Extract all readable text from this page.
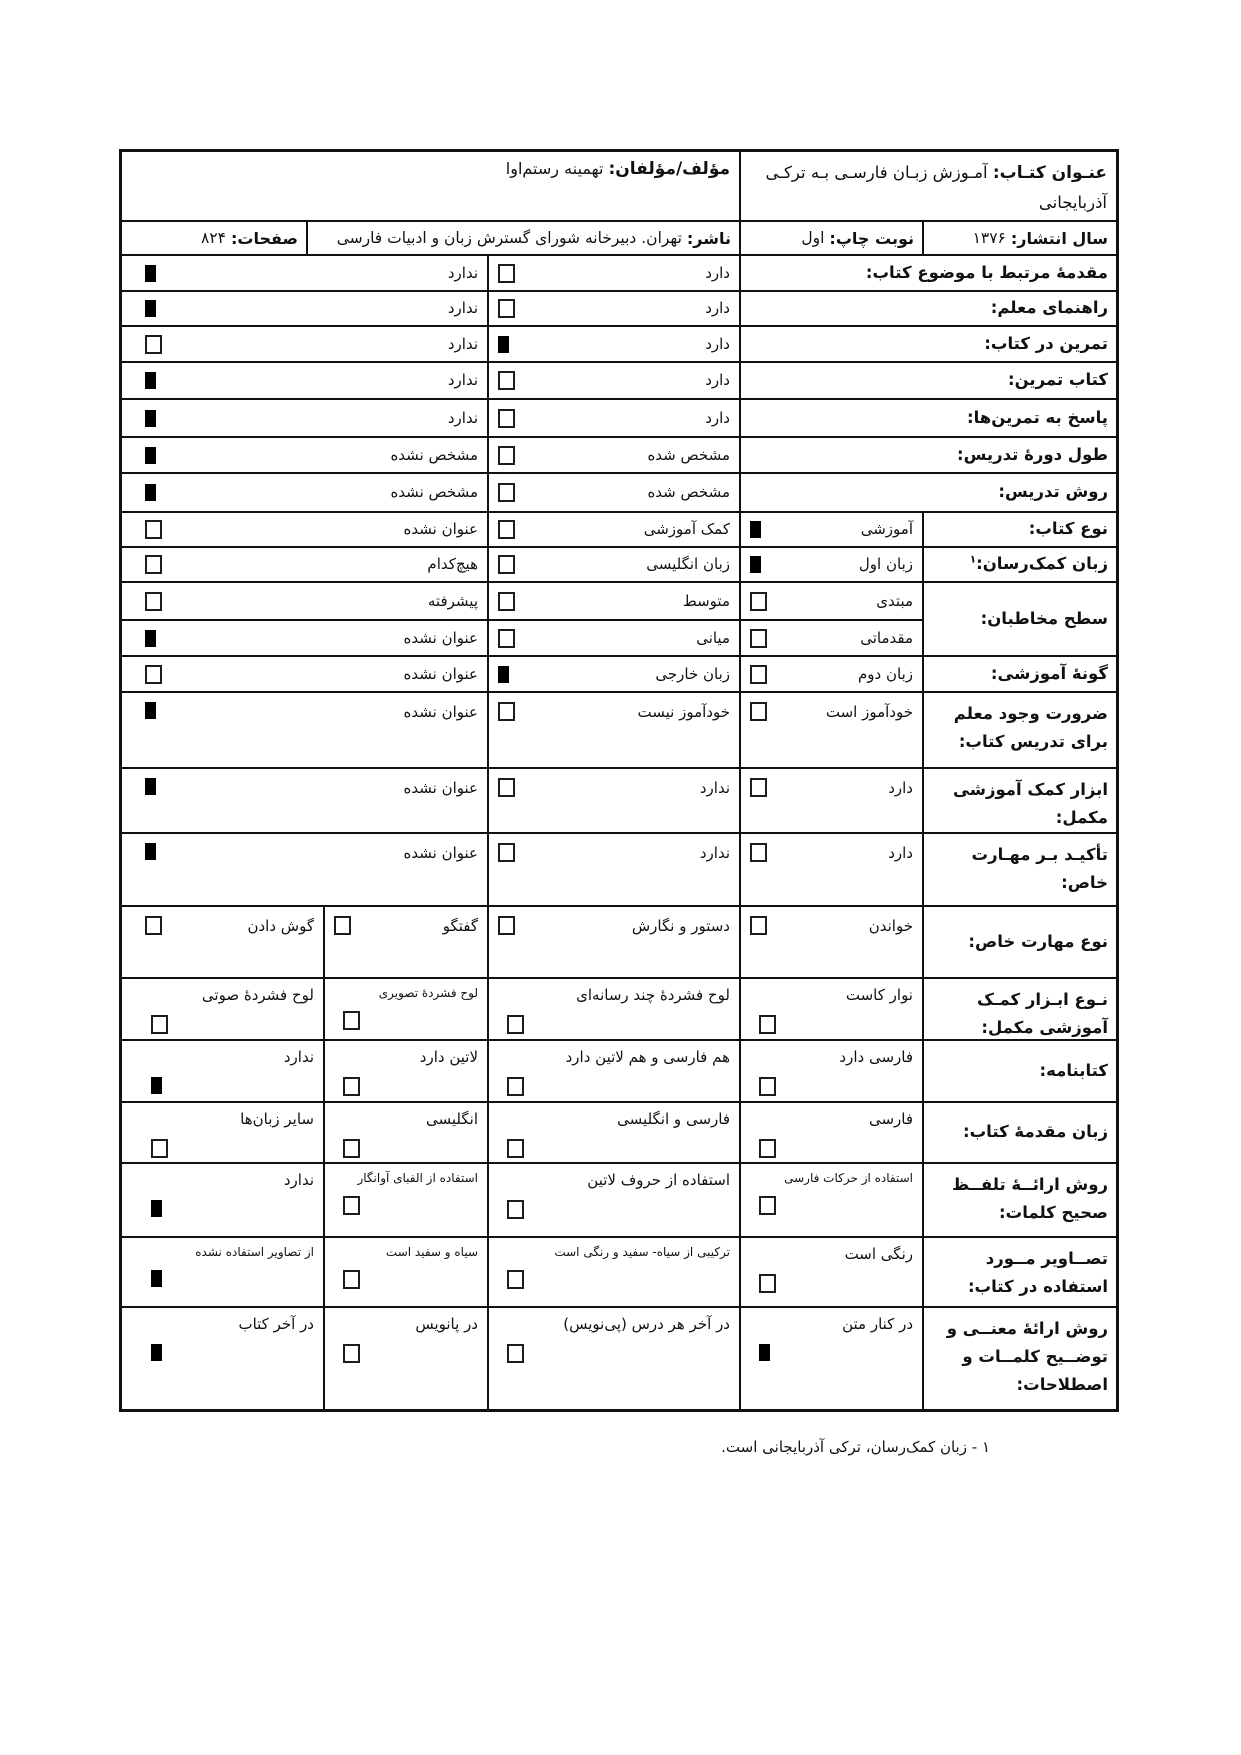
عنـوان کتـاب: آمـوزش زبـان فارسـی بـه ترکـی آذربایجانی
مؤلف/مؤلفان: تهمینه رستم‌اوا
سال انتشار:
۱۳۷۶
نوبت چاپ:
اول
ناشر:
تهران. دبیرخانه شورای گسترش زبان و ادبیات فارسی
صفحات:
۸۲۴
مقدمهٔ مرتبط با موضوع کتاب:
دارد
ندارد
راهنمای معلم:
دارد
ندارد
تمرین در کتاب:
دارد
ندارد
کتاب تمرین:
دارد
ندارد
پاسخ به تمرین‌ها:
دارد
ندارد
طول دورهٔ تدریس:
مشخص شده
مشخص نشده
روش تدریس:
مشخص شده
مشخص نشده
نوع کتاب:
آموزشی
کمک آموزشی
عنوان نشده
زبان کمک‌رسان:$^۱$
زبان اول
زبان انگلیسی
هیچ‌کدام
سطح مخاطبان:
مبتدی
متوسط
پیشرفته
مقدماتی
میانی
عنوان نشده
گونهٔ آموزشی:
زبان دوم
زبان خارجی
عنوان نشده
ضرورت وجود معلم برای تدریس کتاب:
خودآموز است
خودآموز نیست
عنوان نشده
ابزار کمک آموزشی مکمل:
دارد
ندارد
عنوان نشده
تأکیـد بـر مهـارت خاص:
دارد
ندارد
عنوان نشده
نوع مهارت خاص:
خواندن
دستور و نگارش
گفتگو
گوش دادن
نـوع ابـزار کمـک آموزشی مکمل:
نوار کاست
لوح فشردهٔ چند رسانه‌ای
لوح فشردهٔ تصویری
لوح فشردهٔ صوتی
کتابنامه:
فارسی دارد
هم فارسی و هم لاتین دارد
لاتین دارد
ندارد
زبان مقدمهٔ کتاب:
فارسی
فارسی و انگلیسی
انگلیسی
سایر زبان‌ها
روش ارائــهٔ تلفــظ صحیح کلمات:
استفاده از حرکات فارسی
استفاده از حروف لاتین
استفاده از الفبای آوانگار
ندارد
تصــاویر مــورد استفاده در کتاب:
رنگی است
ترکیبی از سیاه- سفید و رنگی است
سیاه و سفید است
از تصاویر استفاده نشده
روش ارائهٔ معنــی و توضــیح کلمــات و اصطلاحات:
در کنار متن
در آخر هر درس (پی‌نویس)
در پانویس
در آخر کتاب
۱ - زبان کمک‌رسان، ترکی آذربایجانی است.
